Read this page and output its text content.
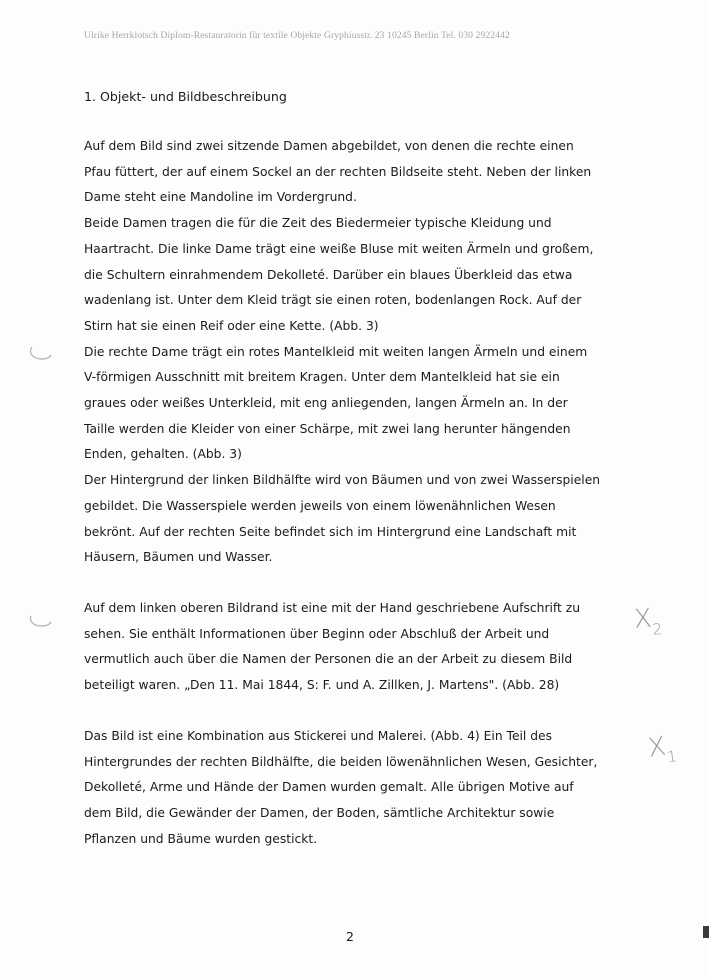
Ulrike Herrklotsch Diplom-Restauratorin für textile Objekte Gryphiusstr. 23 10245 Berlin Tel. 030 2922442
1. Objekt- und Bildbeschreibung
Auf dem Bild sind zwei sitzende Damen abgebildet, von denen die rechte einen
Pfau füttert, der auf einem Sockel an der rechten Bildseite steht. Neben der linken
Dame steht eine Mandoline im Vordergrund.
Beide Damen tragen die für die Zeit des Biedermeier typische Kleidung und
Haartracht. Die linke Dame trägt eine weiße Bluse mit weiten Ärmeln und großem,
die Schultern einrahmendem Dekolleté. Darüber ein blaues Überkleid das etwa
wadenlang ist. Unter dem Kleid trägt sie einen roten, bodenlangen Rock. Auf der
Stirn hat sie einen Reif oder eine Kette. (Abb. 3)
Die rechte Dame trägt ein rotes Mantelkleid mit weiten langen Ärmeln und einem
V-förmigen Ausschnitt mit breitem Kragen. Unter dem Mantelkleid hat sie ein
graues oder weißes Unterkleid, mit eng anliegenden, langen Ärmeln an. In der
Taille werden die Kleider von einer Schärpe, mit zwei lang herunter hängenden
Enden, gehalten. (Abb. 3)
Der Hintergrund der linken Bildhälfte wird von Bäumen und von zwei Wasserspielen
gebildet. Die Wasserspiele werden jeweils von einem löwenähnlichen Wesen
bekrönt. Auf der rechten Seite befindet sich im Hintergrund eine Landschaft mit
Häusern, Bäumen und Wasser.
Auf dem linken oberen Bildrand ist eine mit der Hand geschriebene Aufschrift zu
sehen. Sie enthält Informationen über Beginn oder Abschluß der Arbeit und
vermutlich auch über die Namen der Personen die an der Arbeit zu diesem Bild
beteiligt waren. „Den 11. Mai 1844, S: F. und A. Zillken, J. Martens". (Abb. 28)
Das Bild ist eine Kombination aus Stickerei und Malerei. (Abb. 4) Ein Teil des
Hintergrundes der rechten Bildhälfte, die beiden löwenähnlichen Wesen, Gesichter,
Dekolleté, Arme und Hände der Damen wurden gemalt. Alle übrigen Motive auf
dem Bild, die Gewänder der Damen, der Boden, sämtliche Architektur sowie
Pflanzen und Bäume wurden gestickt.
$X_2$
$X_1$
2
